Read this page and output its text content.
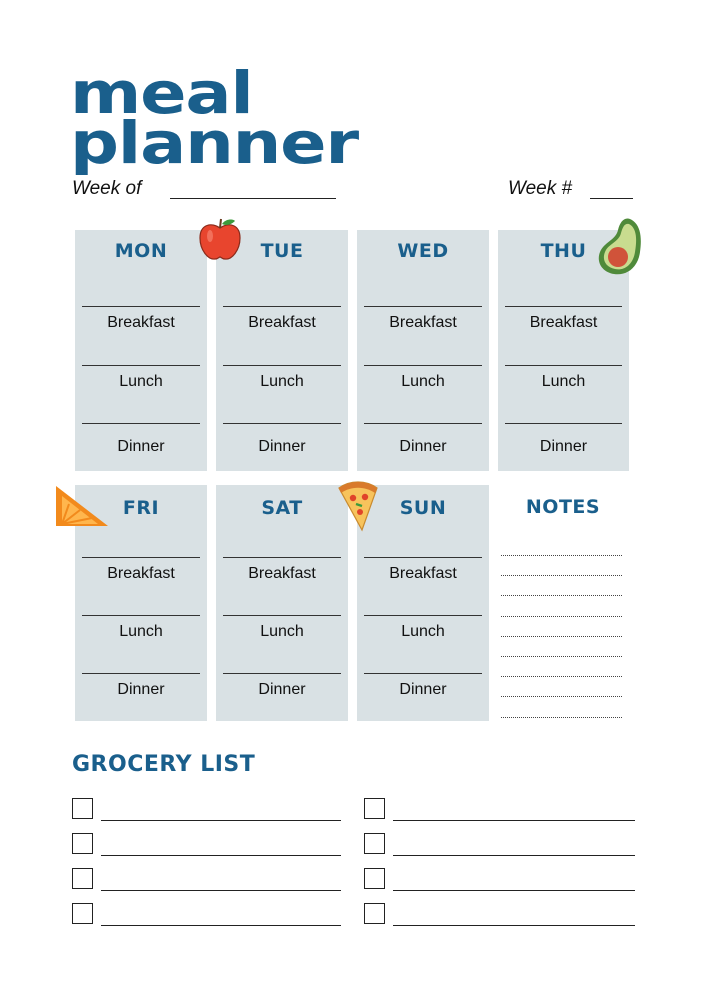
meal
planner
Week of	Week #
MON
Breakfast
Lunch
Dinner
TUE
Breakfast
Lunch
Dinner
WED
Breakfast
Lunch
Dinner
THU
Breakfast
Lunch
Dinner
FRI
Breakfast
Lunch
Dinner
SAT
Breakfast
Lunch
Dinner
SUN
Breakfast
Lunch
Dinner
NOTES
GROCERY LIST
